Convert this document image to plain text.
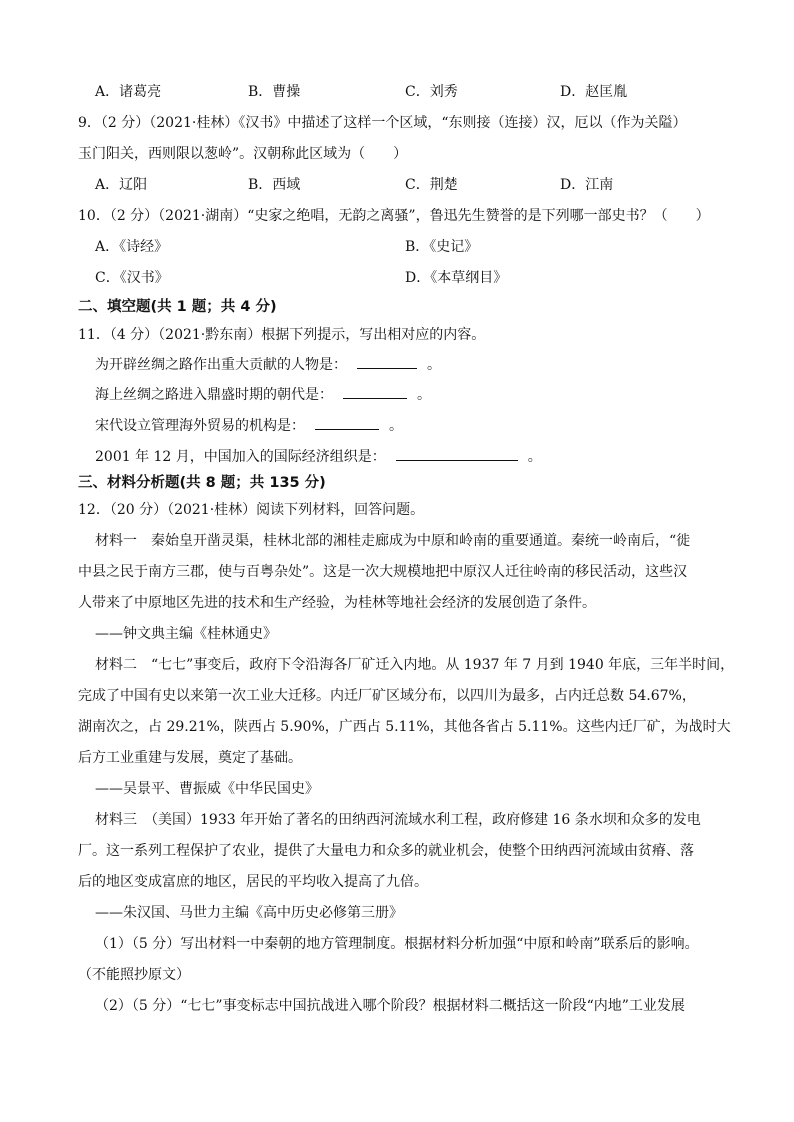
A．诸葛亮	B．曹操	C．刘秀	D．赵匡胤
9．（2 分）（2021·桂林）《汉书》中描述了这样一个区域，“东则接（连接）汉，厄以（作为关隘）
玉门阳关，西则限以葱岭”。汉朝称此区域为（　　）
A．辽阳	B．西域	C．荆楚	D．江南
10．（2 分）（2021·湖南）“史家之绝唱，无韵之离骚”，鲁迅先生赞誉的是下列哪一部史书？（　　）
A．《诗经》	B．《史记》
C．《汉书》	D．《本草纲目》
二、填空题(共 1 题；共 4 分)
11．（4 分）（2021·黔东南）根据下列提示，写出相对应的内容。
为开辟丝绸之路作出重大贡献的人物是：	。
海上丝绸之路进入鼎盛时期的朝代是：	。
宋代设立管理海外贸易的机构是：	。
2001 年 12 月，中国加入的国际经济组织是：	。
三、材料分析题(共 8 题；共 135 分)
12．（20 分）（2021·桂林）阅读下列材料，回答问题。
材料一　秦始皇开凿灵渠，桂林北部的湘桂走廊成为中原和岭南的重要通道。秦统一岭南后，“徙
中县之民于南方三郡，使与百粤杂处”。这是一次大规模地把中原汉人迁往岭南的移民活动，这些汉
人带来了中原地区先进的技术和生产经验，为桂林等地社会经济的发展创造了条件。
——钟文典主编《桂林通史》
材料二　“七七”事变后，政府下令沿海各厂矿迁入内地。从 1937 年 7 月到 1940 年底，三年半时间，
完成了中国有史以来第一次工业大迁移。内迁厂矿区域分布，以四川为最多，占内迁总数 54.67%，
湖南次之，占 29.21%，陕西占 5.90%，广西占 5.11%，其他各省占 5.11%。这些内迁厂矿，为战时大
后方工业重建与发展，奠定了基础。
——吴景平、曹振威《中华民国史》
材料三　（美国）1933 年开始了著名的田纳西河流域水利工程，政府修建 16 条水坝和众多的发电
厂。这一系列工程保护了农业，提供了大量电力和众多的就业机会，使整个田纳西河流域由贫瘠、落
后的地区变成富庶的地区，居民的平均收入提高了九倍。
——朱汉国、马世力主编《高中历史必修第三册》
（1）（5 分）写出材料一中秦朝的地方管理制度。根据材料分析加强“中原和岭南”联系后的影响。
（不能照抄原文）
（2）（5 分）“七七”事变标志中国抗战进入哪个阶段？根据材料二概括这一阶段“内地”工业发展
